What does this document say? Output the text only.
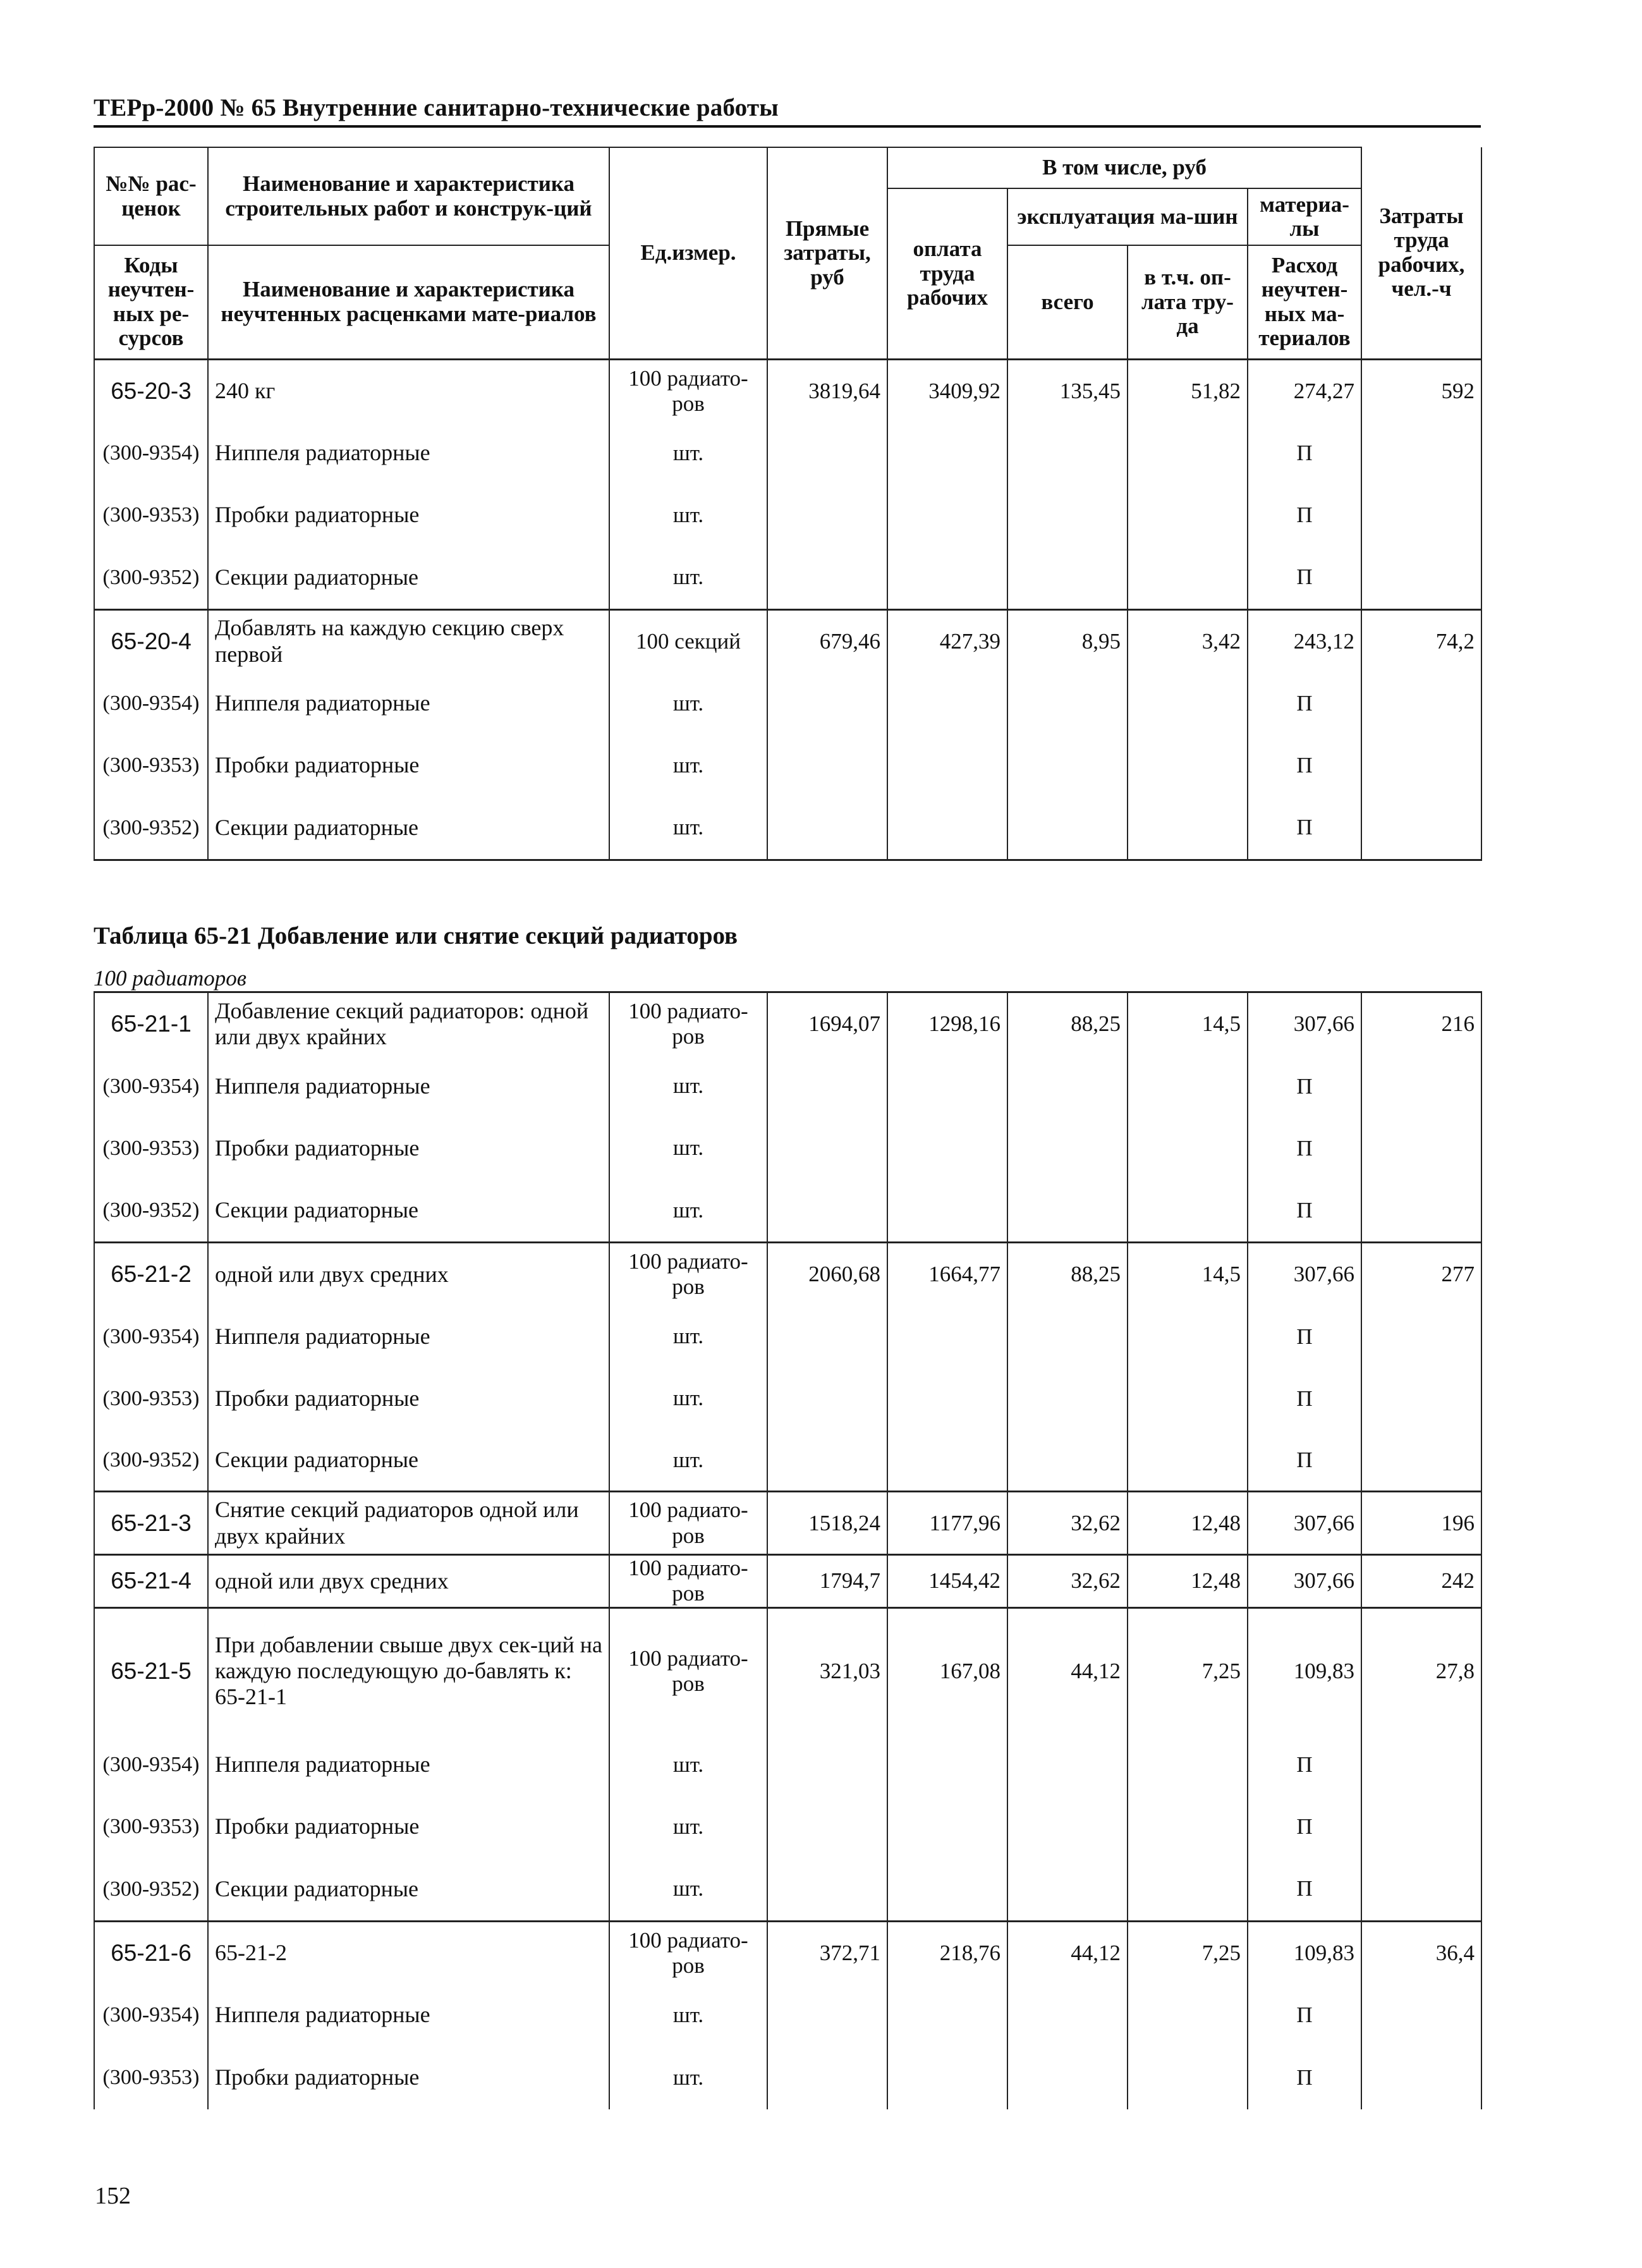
ТЕРр-2000 № 65 Внутренние санитарно-технические работы
№№ рас-ценок	Наименование и характеристика строительных работ и конструк-ций	Ед.измер.	Прямые затраты, руб	В том числе, руб				Затраты труда рабочих, чел.-ч
				оплата труда рабочих	эксплуатация ма-шин		материа-лы	
Коды неучтен-ных ре-сурсов	Наименование и характеристика неучтенных расценками мате-риалов				всего	в т.ч. оп-лата тру-да	Расход неучтен-ных ма-териалов	

65-20-3	240 кг	100 радиато-ров	3819,64	3409,92	135,45	51,82	274,27	592
(300-9354)	Ниппеля радиаторные	шт.					П	
(300-9353)	Пробки радиаторные	шт.					П	
(300-9352)	Секции радиаторные	шт.					П	
65-20-4	Добавлять на каждую секцию сверх первой	100 секций	679,46	427,39	8,95	3,42	243,12	74,2
(300-9354)	Ниппеля радиаторные	шт.					П	
(300-9353)	Пробки радиаторные	шт.					П	
(300-9352)	Секции радиаторные	шт.					П	
Таблица 65-21 Добавление или снятие секций радиаторов
100 радиаторов
65-21-1	Добавление секций радиаторов: одной или двух крайних	100 радиато-ров	1694,07	1298,16	88,25	14,5	307,66	216
(300-9354)	Ниппеля радиаторные	шт.					П	
(300-9353)	Пробки радиаторные	шт.					П	
(300-9352)	Секции радиаторные	шт.					П	
65-21-2	одной или двух средних	100 радиато-ров	2060,68	1664,77	88,25	14,5	307,66	277
(300-9354)	Ниппеля радиаторные	шт.					П	
(300-9353)	Пробки радиаторные	шт.					П	
(300-9352)	Секции радиаторные	шт.					П	
65-21-3	Снятие секций радиаторов одной или двух крайних	100 радиато-ров	1518,24	1177,96	32,62	12,48	307,66	196
65-21-4	одной или двух средних	100 радиато-ров	1794,7	1454,42	32,62	12,48	307,66	242
65-21-5	При добавлении свыше двух сек-ций на каждую последующую до-бавлять к: 65-21-1	100 радиато-ров	321,03	167,08	44,12	7,25	109,83	27,8
(300-9354)	Ниппеля радиаторные	шт.					П	
(300-9353)	Пробки радиаторные	шт.					П	
(300-9352)	Секции радиаторные	шт.					П	
65-21-6	65-21-2	100 радиато-ров	372,71	218,76	44,12	7,25	109,83	36,4
(300-9354)	Ниппеля радиаторные	шт.					П	
(300-9353)	Пробки радиаторные	шт.					П	
152
